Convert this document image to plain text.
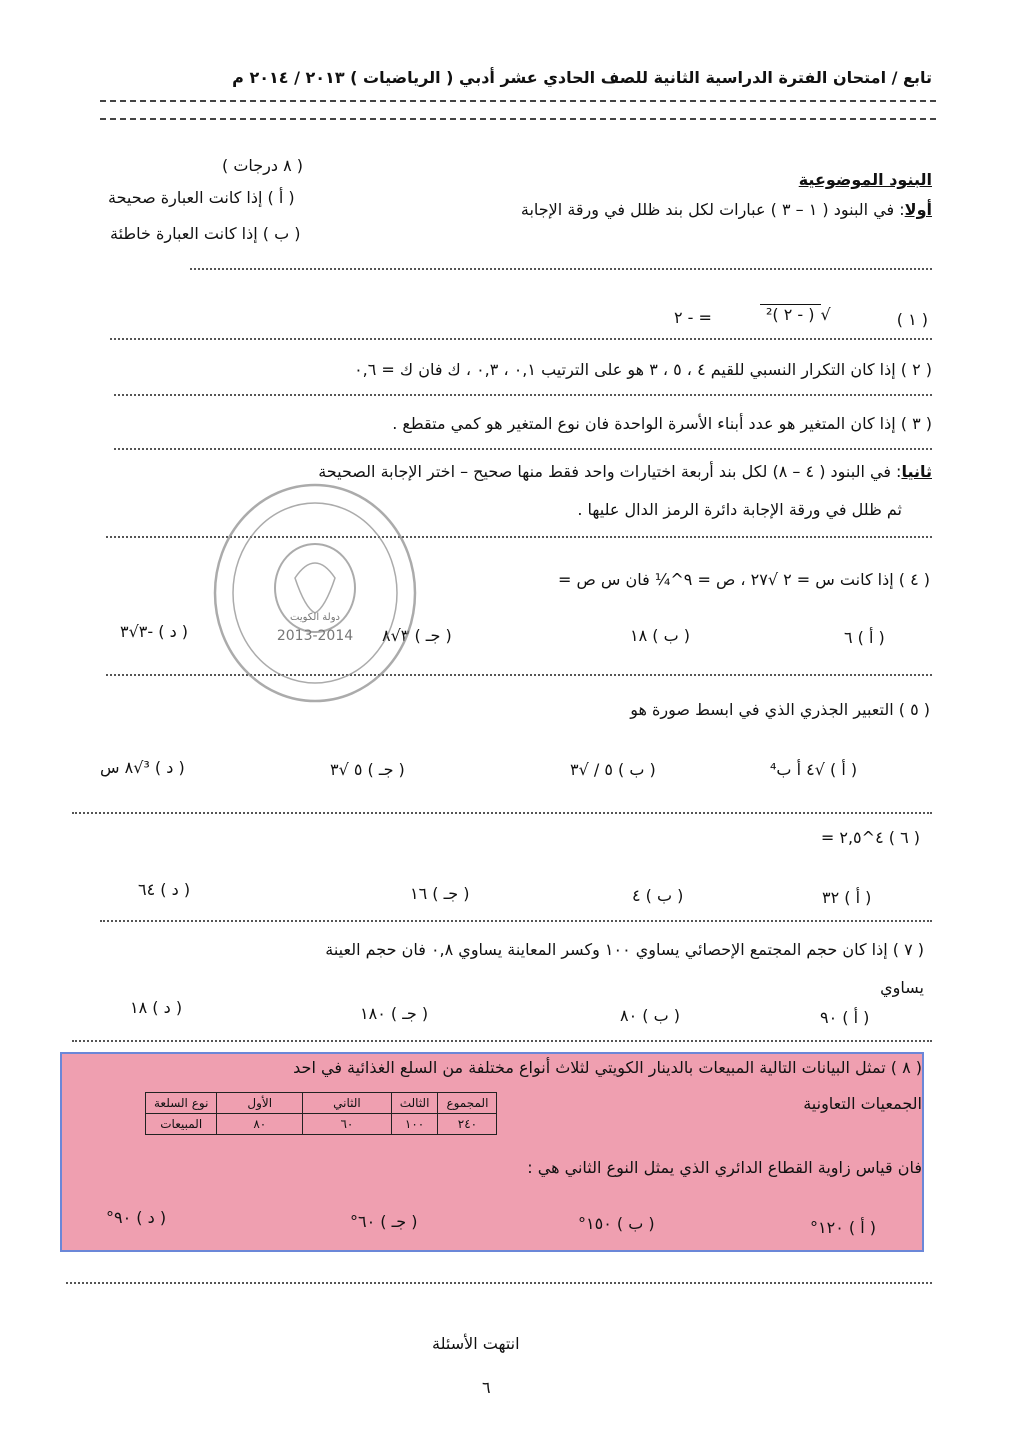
تابع / امتحان الفترة الدراسية الثانية للصف الحادي عشر أدبي ( الرياضيات ) ٢٠١٣ / ٢٠١٤ م
( ٨ درجات )
البنود الموضوعية
أولا: في البنود ( ١ – ٣ ) عبارات لكل بند ظلل في ورقة الإجابة
( أ ) إذا كانت العبارة صحيحة
( ب ) إذا كانت العبارة خاطئة
( ١ )
√( - ٢ )²
= - ٢
( ٢ ) إذا كان التكرار النسبي للقيم ٤ ، ٥ ، ٣ هو على الترتيب ٠,١ ، ٠,٣ ، ك فان ك = ٠,٦
( ٣ ) إذا كان المتغير هو عدد أبناء الأسرة الواحدة فان نوع المتغير هو كمي متقطع .
ثانيا: في البنود ( ٤ – ٨) لكل بند أربعة اختيارات واحد فقط منها صحيح – اختر الإجابة الصحيحة
ثم ظلل في ورقة الإجابة دائرة الرمز الدال عليها .
( ٤ ) إذا كانت س = ٢ √٢٧ ، ص = ٩^¼ فان س ص =
( أ ) ٦
( ب ) ١٨
( جـ ) ٣√٨
( د ) -٣√٣
( ٥ ) التعبير الجذري الذي في ابسط صورة هو
( أ ) √٤ أ ب⁴
( ب ) ٥ / √٣
( جـ ) ٥ √٣
( د ) ³√٨ س
( ٦ ) ٤^٢,٥ =
( أ ) ٣٢
( ب ) ٤
( جـ ) ١٦
( د ) ٦٤
( ٧ ) إذا كان حجم المجتمع الإحصائي يساوي ١٠٠ وكسر المعاينة يساوي ٠,٨ فان حجم العينة
يساوي
( أ ) ٩٠
( ب ) ٨٠
( جـ ) ١٨٠
( د ) ١٨
( ٨ ) تمثل البيانات التالية المبيعات بالدينار الكويتي لثلاث أنواع مختلفة من السلع الغذائية في احد
الجمعيات التعاونية
المجموع	الثالث	الثاني	الأول	نوع السلعة
٢٤٠	١٠٠	٦٠	٨٠	المبيعات
فان قياس زاوية القطاع الدائري الذي يمثل النوع الثاني هي :
( أ ) ١٢٠°
( ب ) ١٥٠°
( جـ ) ٦٠°
( د ) ٩٠°
2013-2014
دولة الكويت
انتهت الأسئلة
٦
